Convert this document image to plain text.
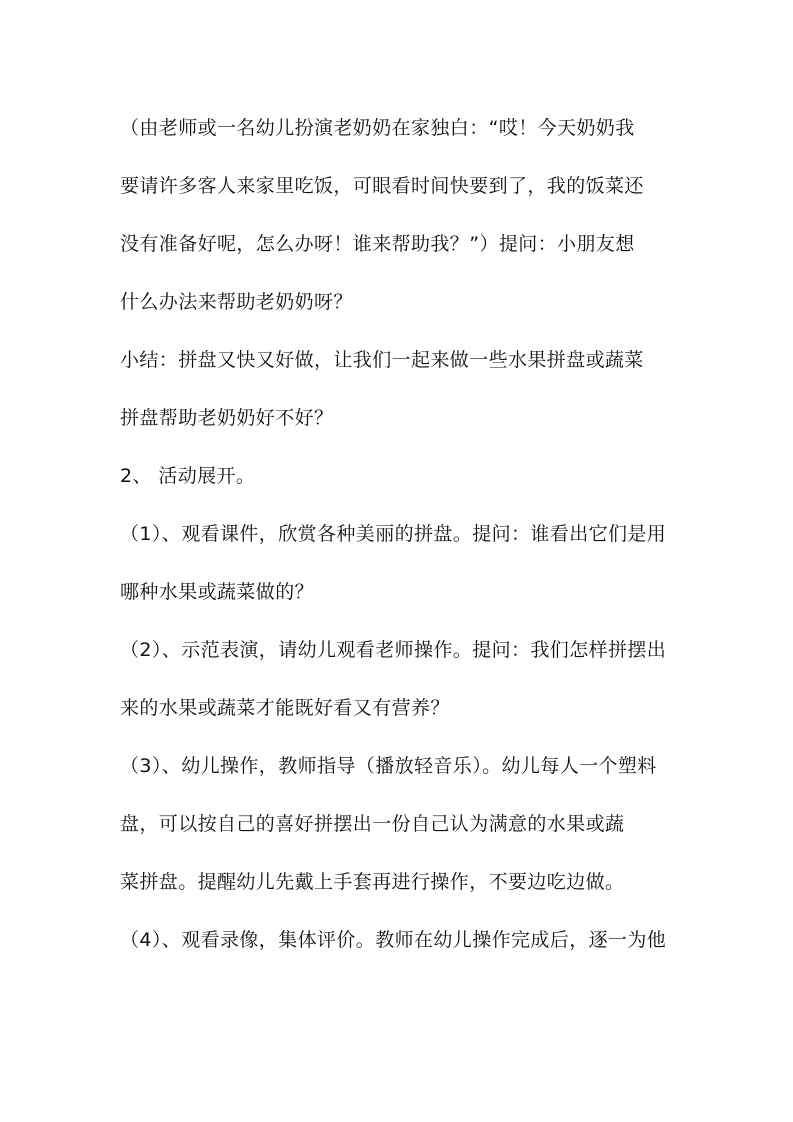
（由老师或一名幼儿扮演老奶奶在家独白：“哎！今天奶奶我
要请许多客人来家里吃饭，可眼看时间快要到了，我的饭菜还
没有准备好呢，怎么办呀！谁来帮助我？”）提问：小朋友想
什么办法来帮助老奶奶呀？
小结：拼盘又快又好做，让我们一起来做一些水果拼盘或蔬菜
拼盘帮助老奶奶好不好？
2、 活动展开。
（1）、观看课件，欣赏各种美丽的拼盘。提问：谁看出它们是用
哪种水果或蔬菜做的？
（2）、示范表演，请幼儿观看老师操作。提问：我们怎样拼摆出
来的水果或蔬菜才能既好看又有营养？
（3）、幼儿操作，教师指导（播放轻音乐）。幼儿每人一个塑料
盘，可以按自己的喜好拼摆出一份自己认为满意的水果或蔬
菜拼盘。提醒幼儿先戴上手套再进行操作，不要边吃边做。
（4）、观看录像，集体评价。教师在幼儿操作完成后，逐一为他
